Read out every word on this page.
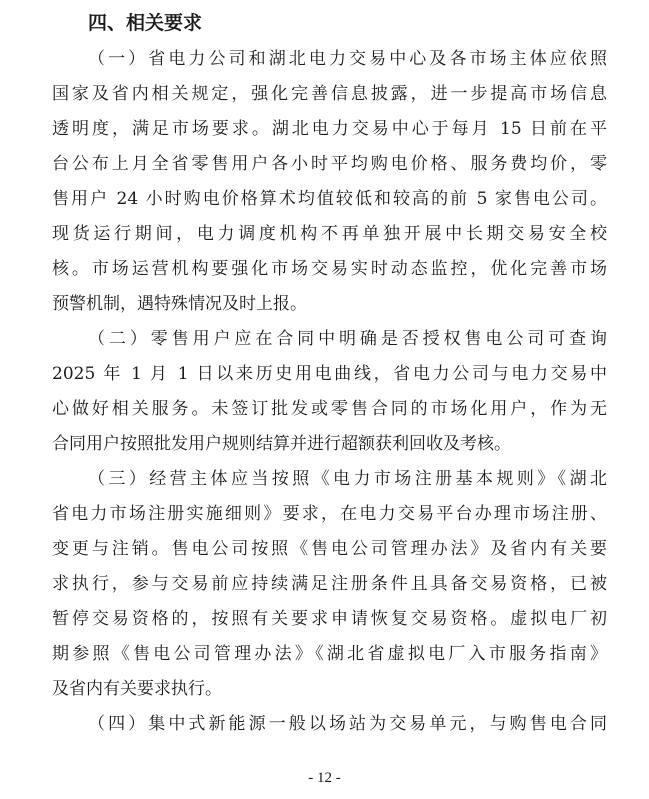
四、相关要求
（一）省电力公司和湖北电力交易中心及各市场主体应依照
国家及省内相关规定，强化完善信息披露，进一步提高市场信息
透明度，满足市场要求。湖北电力交易中心于每月 15 日前在平
台公布上月全省零售用户各小时平均购电价格、服务费均价，零
售用户 24 小时购电价格算术均值较低和较高的前 5 家售电公司。
现货运行期间，电力调度机构不再单独开展中长期交易安全校
核。市场运营机构要强化市场交易实时动态监控，优化完善市场
预警机制，遇特殊情况及时上报。
（二）零售用户应在合同中明确是否授权售电公司可查询
2025 年 1 月 1 日以来历史用电曲线，省电力公司与电力交易中
心做好相关服务。未签订批发或零售合同的市场化用户，作为无
合同用户按照批发用户规则结算并进行超额获利回收及考核。
（三）经营主体应当按照《电力市场注册基本规则》《湖北
省电力市场注册实施细则》要求，在电力交易平台办理市场注册、
变更与注销。售电公司按照《售电公司管理办法》及省内有关要
求执行，参与交易前应持续满足注册条件且具备交易资格，已被
暂停交易资格的，按照有关要求申请恢复交易资格。虚拟电厂初
期参照《售电公司管理办法》《湖北省虚拟电厂入市服务指南》
及省内有关要求执行。
（四）集中式新能源一般以场站为交易单元，与购售电合同
- 12 -
